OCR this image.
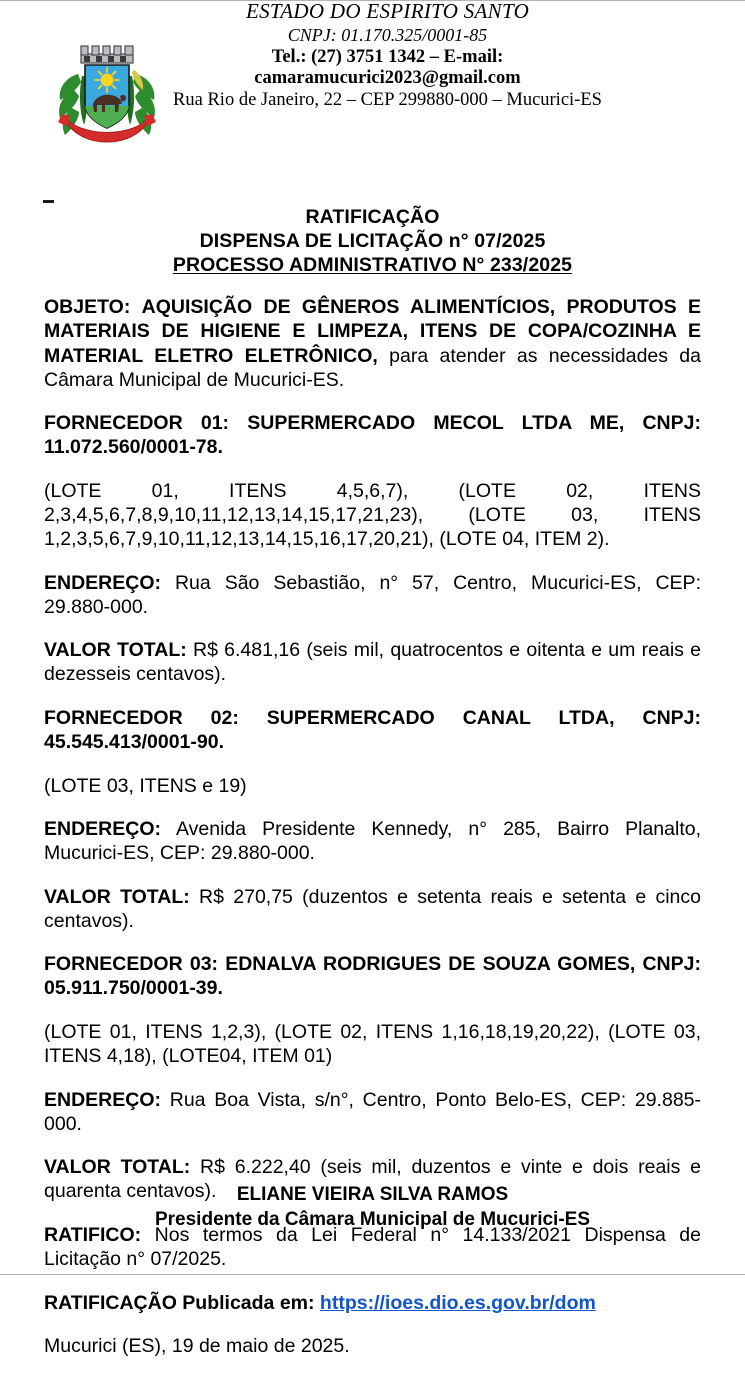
ESTADO DO ESPIRITO SANTO
CNPJ: 01.170.325/0001-85
Tel.: (27) 3751 1342 – E-mail:
camaramucurici2023@gmail.com
Rua Rio de Janeiro, 22 – CEP 299880-000 – Mucurici-ES
RATIFICAÇÃO
DISPENSA DE LICITAÇÃO n° 07/2025
PROCESSO ADMINISTRATIVO N° 233/2025

OBJETO: AQUISIÇÃO DE GÊNEROS ALIMENTÍCIOS, PRODUTOS E MATERIAIS DE HIGIENE E LIMPEZA, ITENS DE COPA/COZINHA E MATERIAL ELETRO ELETRÔNICO, para atender as necessidades da Câmara Municipal de Mucurici-ES.

FORNECEDOR 01: SUPERMERCADO MECOL LTDA ME, CNPJ: 11.072.560/0001-78.

(LOTE 01, ITENS 4,5,6,7), (LOTE 02, ITENS 2,3,4,5,6,7,8,9,10,11,12,13,14,15,17,21,23), (LOTE 03, ITENS 1,2,3,5,6,7,9,10,11,12,13,14,15,16,17,20,21), (LOTE 04, ITEM 2).

ENDEREÇO: Rua São Sebastião, n° 57, Centro, Mucurici-ES, CEP: 29.880-000.

VALOR TOTAL: R$ 6.481,16 (seis mil, quatrocentos e oitenta e um reais e dezesseis centavos).

FORNECEDOR 02: SUPERMERCADO CANAL LTDA, CNPJ: 45.545.413/0001-90.

(LOTE 03, ITENS e 19)

ENDEREÇO: Avenida Presidente Kennedy, n° 285, Bairro Planalto, Mucurici-ES, CEP: 29.880-000.

VALOR TOTAL: R$ 270,75 (duzentos e setenta reais e setenta e cinco centavos).

FORNECEDOR 03: EDNALVA RODRIGUES DE SOUZA GOMES, CNPJ: 05.911.750/0001-39.

(LOTE 01, ITENS 1,2,3), (LOTE 02, ITENS 1,16,18,19,20,22), (LOTE 03, ITENS 4,18), (LOTE04, ITEM 01)

ENDEREÇO: Rua Boa Vista, s/n°, Centro, Ponto Belo-ES, CEP: 29.885-000.

VALOR TOTAL: R$ 6.222,40 (seis mil, duzentos e vinte e dois reais e quarenta centavos).

RATIFICO: Nos termos da Lei Federal n° 14.133/2021 Dispensa de Licitação n° 07/2025.

RATIFICAÇÃO Publicada em: https://ioes.dio.es.gov.br/dom

Mucurici (ES), 19 de maio de 2025.

ELIANE VIEIRA SILVA RAMOS
Presidente da Câmara Municipal de Mucurici-ES
